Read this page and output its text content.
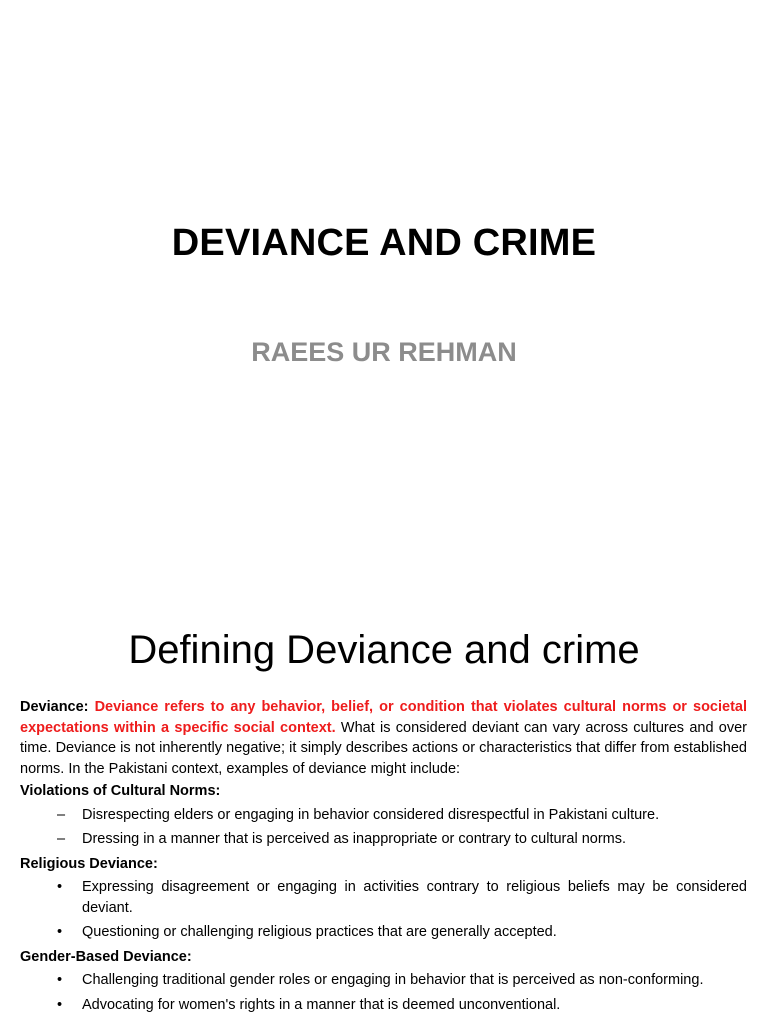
DEVIANCE AND CRIME
RAEES UR REHMAN
Defining Deviance and crime

Deviance: Deviance refers to any behavior, belief, or condition that violates cultural norms or societal expectations within a specific social context. What is considered deviant can vary across cultures and over time. Deviance is not inherently negative; it simply describes actions or characteristics that differ from established norms. In the Pakistani context, examples of deviance might include:

Violations of Cultural Norms:
– Disrespecting elders or engaging in behavior considered disrespectful in Pakistani culture.
– Dressing in a manner that is perceived as inappropriate or contrary to cultural norms.
Religious Deviance:
• Expressing disagreement or engaging in activities contrary to religious beliefs may be considered deviant.
• Questioning or challenging religious practices that are generally accepted.
Gender-Based Deviance:
• Challenging traditional gender roles or engaging in behavior that is perceived as non-conforming.
• Advocating for women's rights in a manner that is deemed unconventional.
